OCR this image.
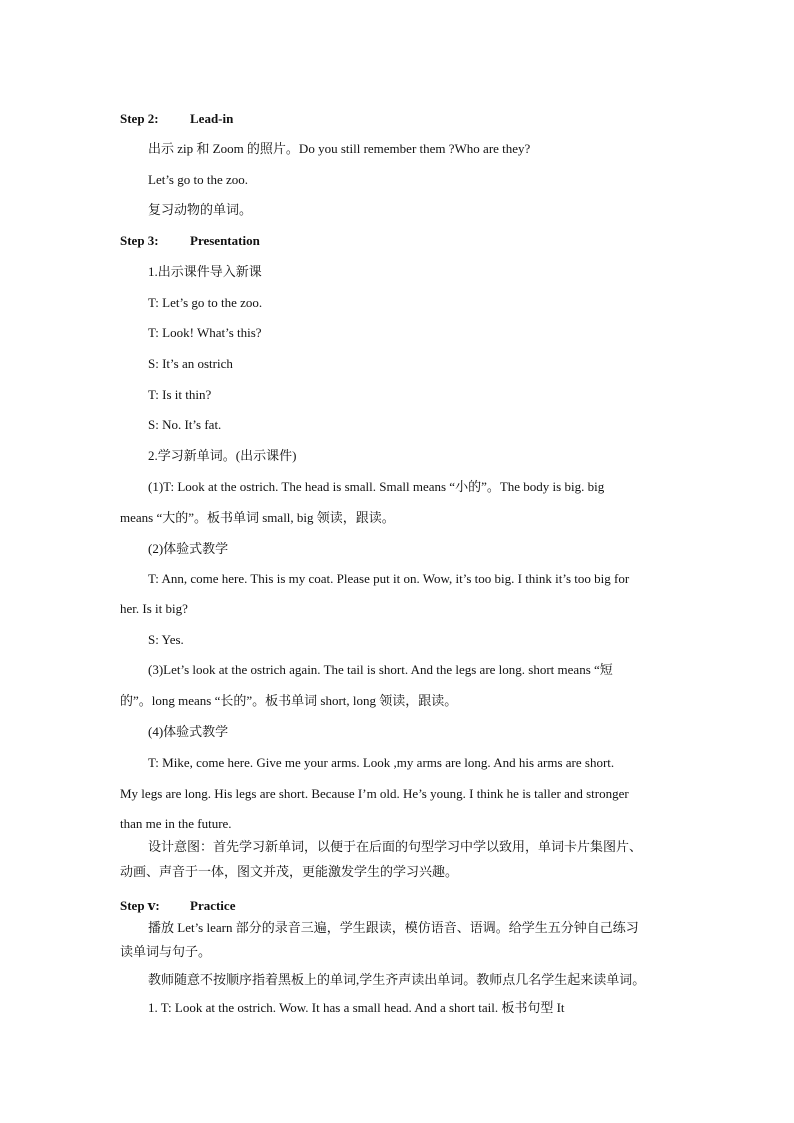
Step 2: Lead-in
出示 zip 和 Zoom 的照片。Do you still remember them ?Who are they?
Let’s go to the zoo.
复习动物的单词。
Step 3: Presentation
1.出示课件导入新课
T: Let’s go to the zoo.
T: Look! What’s this?
S: It’s an ostrich
T: Is it thin?
S: No. It’s fat.
2.学习新单词。(出示课件)
(1)T: Look at the ostrich. The head is small. Small means “小的”。The body is big. big
means “大的”。板书单词 small, big 领读，跟读。
(2)体验式教学
T: Ann, come here. This is my coat. Please put it on. Wow, it’s too big. I think it’s too big for
her. Is it big?
S: Yes.
(3)Let’s look at the ostrich again. The tail is short. And the legs are long. short means “短
的”。long means “长的”。板书单词 short, long 领读，跟读。
(4)体验式教学
T: Mike, come here. Give me your arms. Look ,my arms are long. And his arms are short.
My legs are long. His legs are short. Because I’m old. He’s young. I think he is taller and stronger
than me in the future.
设计意图：首先学习新单词，以便于在后面的句型学习中学以致用，单词卡片集图片、
动画、声音于一体，图文并茂，更能激发学生的学习兴趣。
Step ⅴ: Practice
播放 Let’s learn 部分的录音三遍，学生跟读，模仿语音、语调。给学生五分钟自己练习
读单词与句子。
教师随意不按顺序指着黑板上的单词,学生齐声读出单词。教师点几名学生起来读单词。
1. T: Look at the ostrich. Wow. It has a small head. And a short tail. 板书句型 It
